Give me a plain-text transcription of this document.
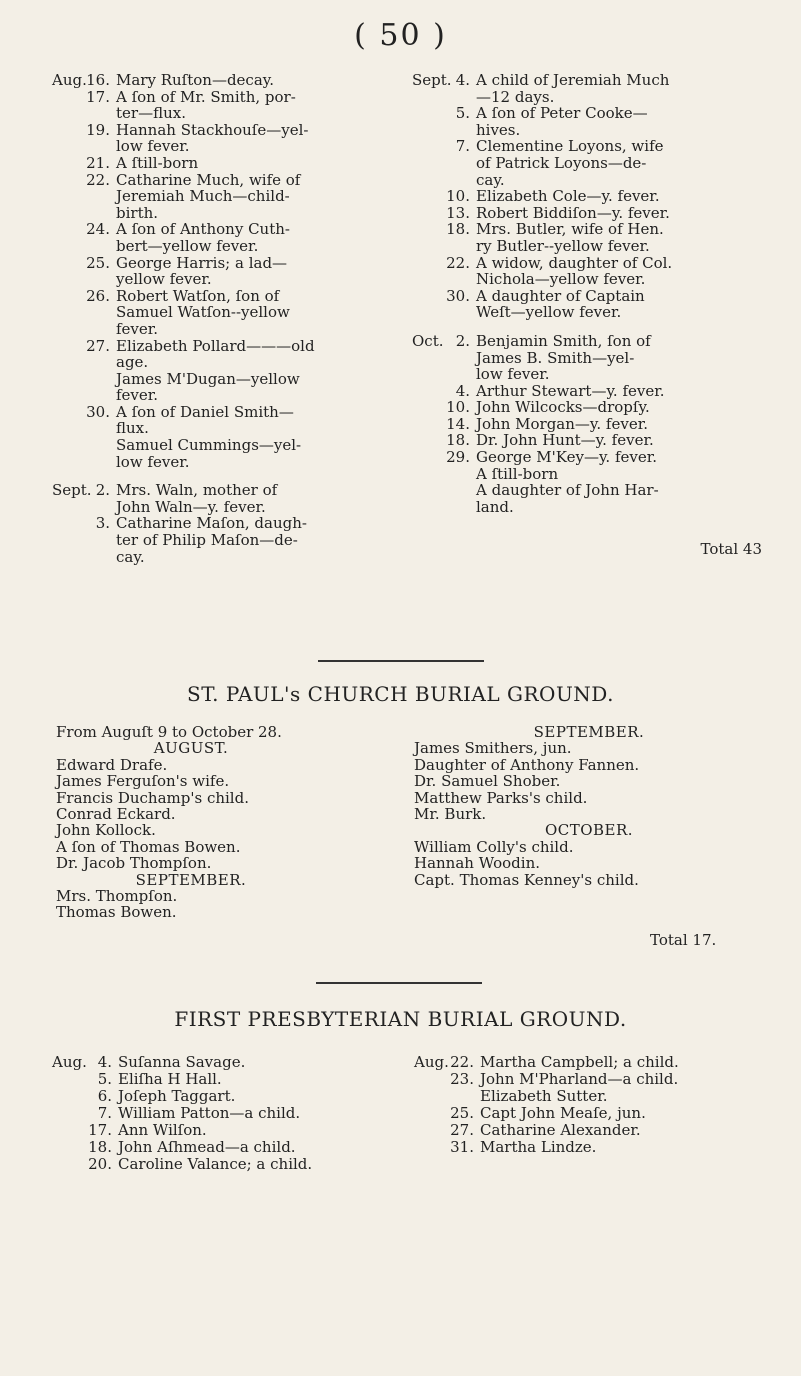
( 50 )
Aug. 16. Mary Ruſton—decay.
17. A ſon of Mr. Smith, por-
ter—flux.
19. Hannah Stackhouſe—yel-
low fever.
21. A ſtill-born
22. Catharine Much, wife of
Jeremiah Much—child-
birth.
24. A ſon of Anthony Cuth-
bert—yellow fever.
25. George Harris; a lad—
yellow fever.
26. Robert Watſon, ſon of
Samuel Watſon--yellow
fever.
27. Elizabeth Pollard———old
age.
James M'Dugan—yellow
fever.
30. A ſon of Daniel Smith—
flux.
Samuel Cummings—yel-
low fever.
Sept. 2. Mrs. Waln, mother of
John Waln—y. fever.
3. Catharine Maſon, daugh-
ter of Philip Maſon—de-
cay.
Sept. 4. A child of Jeremiah Much
—12 days.
5. A ſon of Peter Cooke—
hives.
7. Clementine Loyons, wife
of Patrick Loyons—de-
cay.
10. Elizabeth Cole—y. fever.
13. Robert Biddiſon—y. fever.
18. Mrs. Butler, wife of Hen.
ry Butler--yellow fever.
22. A widow, daughter of Col.
Nichola—yellow fever.
30. A daughter of Captain
Weſt—yellow fever.
Oct. 2. Benjamin Smith, ſon of
James B. Smith—yel-
low fever.
4. Arthur Stewart—y. fever.
10. John Wilcocks—dropſy.
14. John Morgan—y. fever.
18. Dr. John Hunt—y. fever.
29. George M'Key—y. fever.
A ſtill-born
A daughter of John Har-
land.
Total 43
ST. PAUL's CHURCH BURIAL GROUND.
From Auguſt 9 to October 28.
AUGUST.
Edward Drafe.
James Ferguſon's wife.
Francis Duchamp's child.
Conrad Eckard.
John Kollock.
A ſon of Thomas Bowen.
Dr. Jacob Thompſon.
SEPTEMBER.
Mrs. Thompſon.
Thomas Bowen.
SEPTEMBER.
James Smithers, jun.
Daughter of Anthony Fannen.
Dr. Samuel Shober.
Matthew Parks's child.
Mr. Burk.
OCTOBER.
William Colly's child.
Hannah Woodin.
Capt. Thomas Kenney's child.
Total 17.
FIRST PRESBYTERIAN BURIAL GROUND.
Aug. 4. Suſanna Savage.
5. Eliſha H Hall.
6. Joſeph Taggart.
7. William Patton—a child.
17. Ann Wilſon.
18. John Aſhmead—a child.
20. Caroline Valance; a child.
Aug. 22. Martha Campbell; a child.
23. John M'Pharland—a child.
Elizabeth Sutter.
25. Capt John Meaſe, jun.
27. Catharine Alexander.
31. Martha Lindze.
